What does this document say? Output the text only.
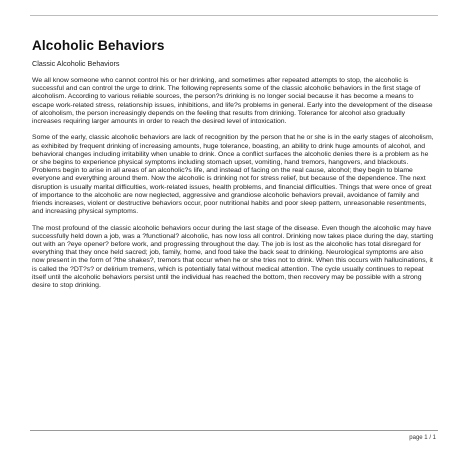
Alcoholic Behaviors
Classic Alcoholic Behaviors

We all know someone who cannot control his or her drinking, and sometimes after repeated attempts to stop, the alcoholic is successful and can control the urge to drink. The following represents some of the classic alcoholic behaviors in the first stage of alcoholism. According to various reliable sources, the person?s drinking is no longer social because it has become a means to escape work-related stress, relationship issues, inhibitions, and life?s problems in general. Early into the development of the disease of alcoholism, the person increasingly depends on the feeling that results from drinking. Tolerance for alcohol also gradually increases requiring larger amounts in order to reach the desired level of intoxication.

Some of the early, classic alcoholic behaviors are lack of recognition by the person that he or she is in the early stages of alcoholism, as exhibited by frequent drinking of increasing amounts, huge tolerance, boasting, an ability to drink huge amounts of alcohol, and behavioral changes including irritability when unable to drink. Once a conflict surfaces the alcoholic denies there is a problem as he or she begins to experience physical symptoms including stomach upset, vomiting, hand tremors, hangovers, and blackouts. Problems begin to arise in all areas of an alcoholic?s life, and instead of facing on the real cause, alcohol; they begin to blame everyone and everything around them. Now the alcoholic is drinking not for stress relief, but because of the dependence. The next disruption is usually marital difficulties, work-related issues, health problems, and financial difficulties. Things that were once of great of importance to the alcoholic are now neglected, aggressive and grandiose alcoholic behaviors prevail, avoidance of family and friends increases, violent or destructive behaviors occur, poor nutritional habits and poor sleep pattern, unreasonable resentments, and increasing physical symptoms.

The most profound of the classic alcoholic behaviors occur during the last stage of the disease. Even though the alcoholic may have successfully held down a job, was a ?functional? alcoholic, has now loss all control. Drinking now takes place during the day, starting out with an ?eye opener? before work, and progressing throughout the day. The job is lost as the alcoholic has total disregard for everything that they once held sacred; job, family, home, and food take the back seat to drinking. Neurological symptoms are also now present in the form of ?the shakes?, tremors that occur when he or she tries not to drink. When this occurs with hallucinations, it is called the ?DT?s? or delirium tremens, which is potentially fatal without medical attention. The cycle usually continues to repeat itself until the alcoholic behaviors persist until the individual has reached the bottom, then recovery may be possible with a strong desire to stop drinking.

page 1 / 1
